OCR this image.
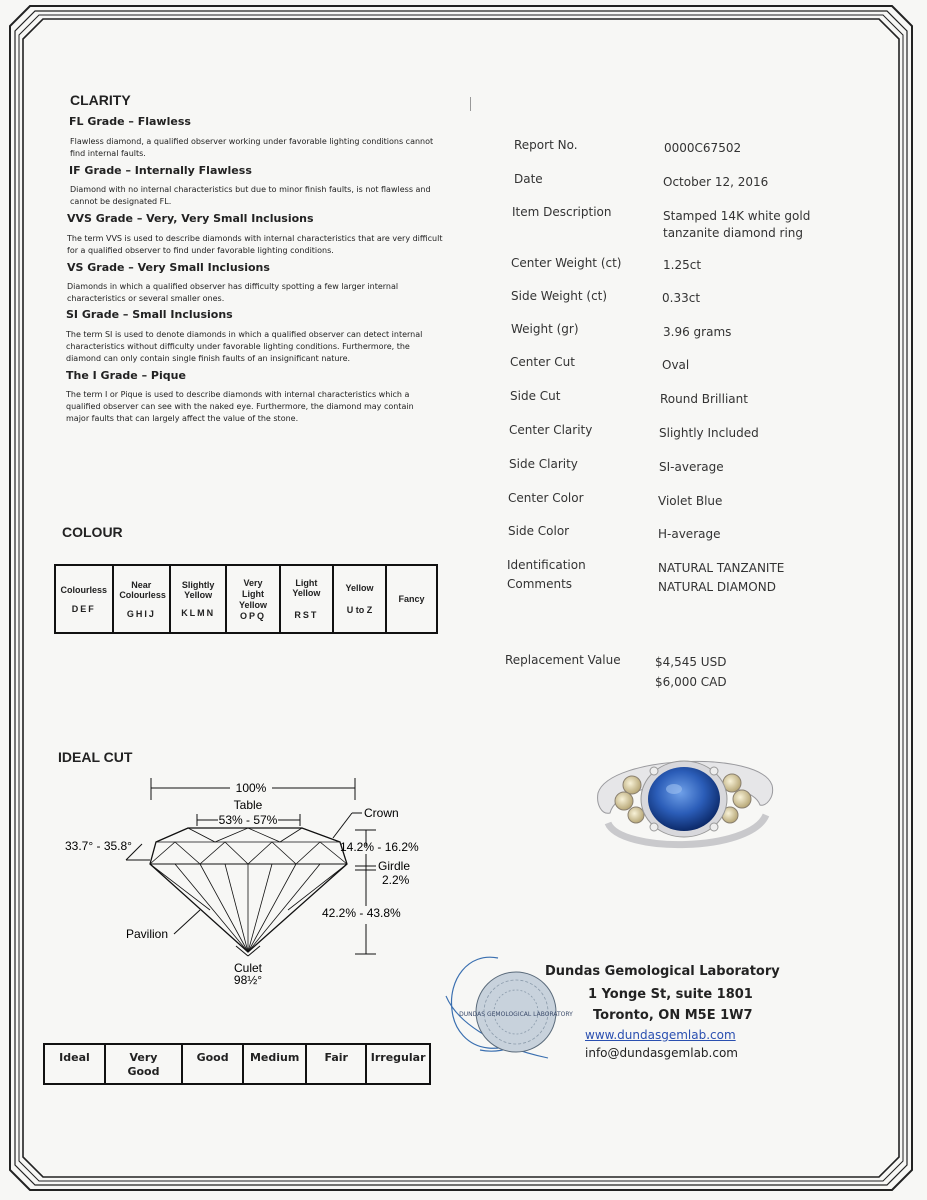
CLARITY
FL Grade – Flawless
Flawless diamond, a qualified observer working under favorable lighting conditions cannot find internal faults.
IF Grade – Internally Flawless
Diamond with no internal characteristics but due to minor finish faults, is not flawless and cannot be designated FL.
VVS Grade – Very, Very Small Inclusions
The term VVS is used to describe diamonds with internal characteristics that are very difficult for a qualified observer to find under favorable lighting conditions.
VS Grade – Very Small Inclusions
Diamonds in which a qualified observer has difficulty spotting a few larger internal characteristics or several smaller ones.
SI Grade – Small Inclusions
The term SI is used to denote diamonds in which a qualified observer can detect internal characteristics without difficulty under favorable lighting conditions. Furthermore, the diamond can only contain single finish faults of an insignificant nature.
The I Grade – Pique
The term I or Pique is used to describe diamonds with internal characteristics which a qualified observer can see with the naked eye. Furthermore, the diamond may contain major faults that can largely affect the value of the stone.
COLOUR
Colourless
DEF

Near Colourless
GHIJ

Slightly Yellow
KLMN

Very Light Yellow
OPQ

Light Yellow
RST

Yellow
U to Z

Fancy
IDEAL CUT
100%
Table
53% - 57%	Crown
33.7° - 35.8°	14.2% - 16.2%
Girdle
2.2%
42.2% - 43.8%
Pavilion
Culet
98½°
Ideal	Very Good	Good	Medium	Fair	Irregular
Report No.	0000C67502
Date	October 12, 2016
Item Description	Stamped 14K white gold tanzanite diamond ring
Center Weight (ct)	1.25ct
Side Weight (ct)	0.33ct
Weight (gr)	3.96 grams
Center Cut	Oval
Side Cut	Round Brilliant
Center Clarity	Slightly Included
Side Clarity	SI-average
Center Color	Violet Blue
Side Color	H-average
Identification
Comments
NATURAL TANZANITE
NATURAL DIAMOND
Replacement Value	$4,545 USD
$6,000 CAD
DUNDAS GEMOLOGICAL LABORATORY
Dundas Gemological Laboratory
1 Yonge St, suite 1801
Toronto, ON M5E 1W7
www.dundasgemlab.com
info@dundasgemlab.com
